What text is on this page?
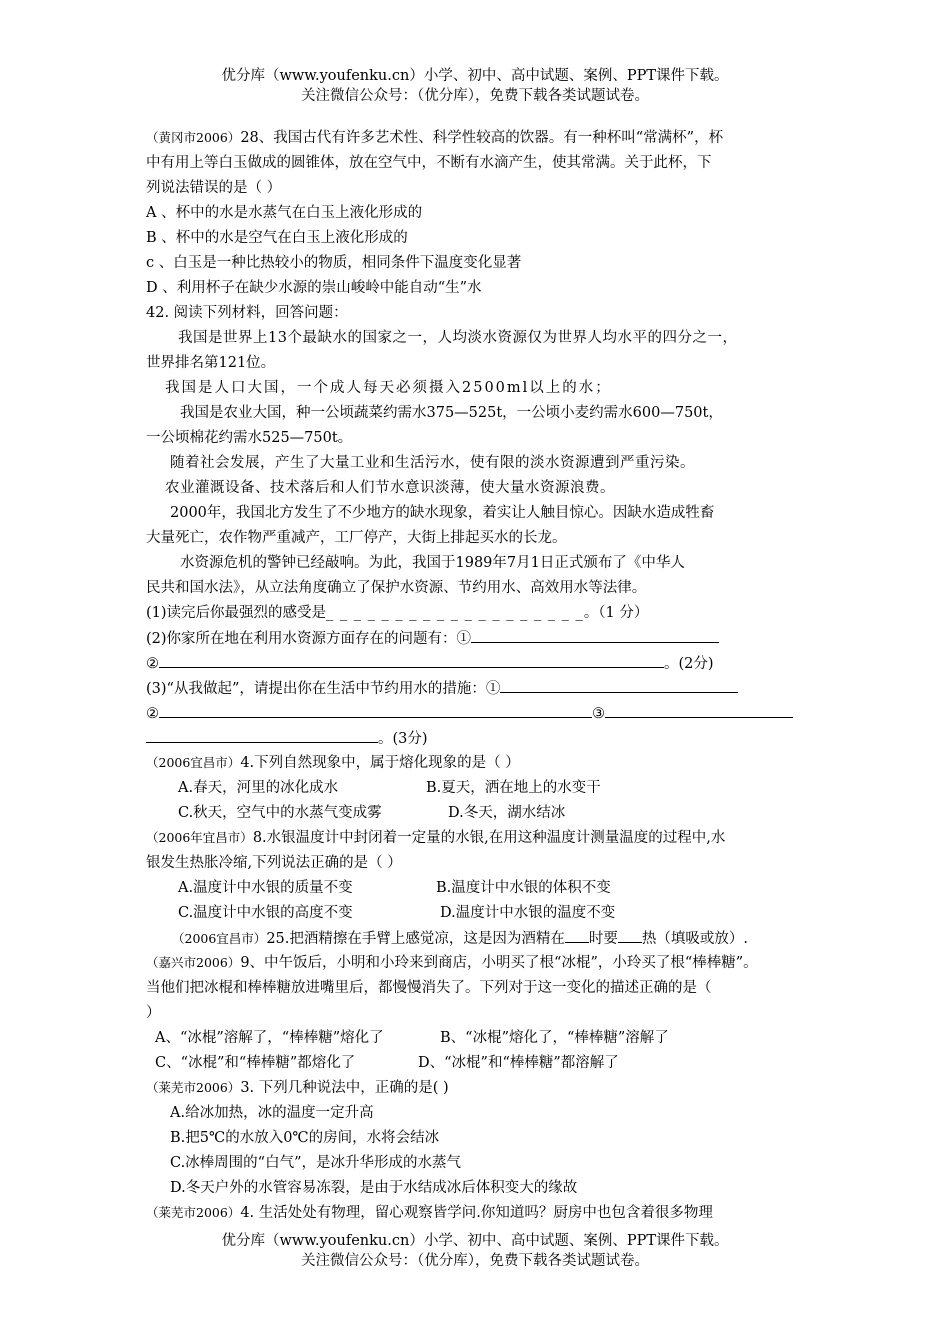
优分库（www.youfenku.cn）小学、初中、高中试题、案例、PPT课件下载。
关注微信公众号：（优分库），免费下载各类试题试卷。
（黄冈市2006）28、我国古代有许多艺术性、科学性较高的饮器。有一种杯叫“常满杯”，杯
中有用上等白玉做成的圆锥体，放在空气中，不断有水滴产生，使其常满。关于此杯，下
列说法错误的是（ ）
A 、杯中的水是水蒸气在白玉上液化形成的
B 、杯中的水是空气在白玉上液化形成的
c 、白玉是一种比热较小的物质，相同条件下温度变化显著
D 、利用杯子在缺少水源的崇山峻岭中能自动“生”水
42. 阅读下列材料，回答问题：
我国是世界上13个最缺水的国家之一，人均淡水资源仅为世界人均水平的四分之一，
世界排名第121位。
我国是人口大国，一个成人每天必须摄入2500ml以上的水；
我国是农业大国，种一公顷蔬菜约需水375—525t，一公顷小麦约需水600—750t，
一公顷棉花约需水525—750t。
随着社会发展，产生了大量工业和生活污水，使有限的淡水资源遭到严重污染。
农业灌溉设备、技术落后和人们节水意识淡薄，使大量水资源浪费。
2000年，我国北方发生了不少地方的缺水现象，着实让人触目惊心。因缺水造成牲畜
大量死亡，农作物严重减产，工厂停产，大街上排起买水的长龙。
水资源危机的警钟已经敲响。为此，我国于1989年7月1日正式颁布了《中华人
民共和国水法》，从立法角度确立了保护水资源、节约用水、高效用水等法律。
(1)读完后你最强烈的感受是_ _ _ _ _ _ _ _ _ _ _ _ _ _ _ _ _ _ _。（1 分）
(2)你家所在地在利用水资源方面存在的问题有：①
②	。(2分)
(3)“从我做起”，请提出你在生活中节约用水的措施：①
②	③
。(3分)
（2006宜昌市）4.下列自然现象中，属于熔化现象的是（ ）
A.春天，河里的冰化成水	B.夏天，洒在地上的水变干
C.秋天，空气中的水蒸气变成雾	D.冬天，湖水结冰
（2006年宜昌市）8.水银温度计中封闭着一定量的水银,在用这种温度计测量温度的过程中,水
银发生热胀冷缩,下列说法正确的是（ ）
A.温度计中水银的质量不变	B.温度计中水银的体积不变
C.温度计中水银的高度不变	D.温度计中水银的温度不变
（2006宜昌市）25.把酒精擦在手臂上感觉凉，这是因为酒精在 时要 热（填吸或放）.
（嘉兴市2006）9、中午饭后，小明和小玲来到商店，小明买了根“冰棍”，小玲买了根“棒棒糖”。
当他们把冰棍和棒棒糖放进嘴里后，都慢慢消失了。下列对于这一变化的描述正确的是（
）
A、“冰棍”溶解了，“棒棒糖”熔化了	B、“冰棍”熔化了，“棒棒糖”溶解了
C、“冰棍”和“棒棒糖”都熔化了	D、“冰棍”和“棒棒糖”都溶解了
（莱芜市2006）3. 下列几种说法中，正确的是( )
A.给冰加热，冰的温度一定升高
B.把5℃的水放入0℃的房间，水将会结冰
C.冰棒周围的“白气”，是冰升华形成的水蒸气
D.冬天户外的水管容易冻裂，是由于水结成冰后体积变大的缘故
（莱芜市2006）4. 生活处处有物理，留心观察皆学问.你知道吗？厨房中也包含着很多物理
优分库（www.youfenku.cn）小学、初中、高中试题、案例、PPT课件下载。
关注微信公众号：（优分库），免费下载各类试题试卷。
